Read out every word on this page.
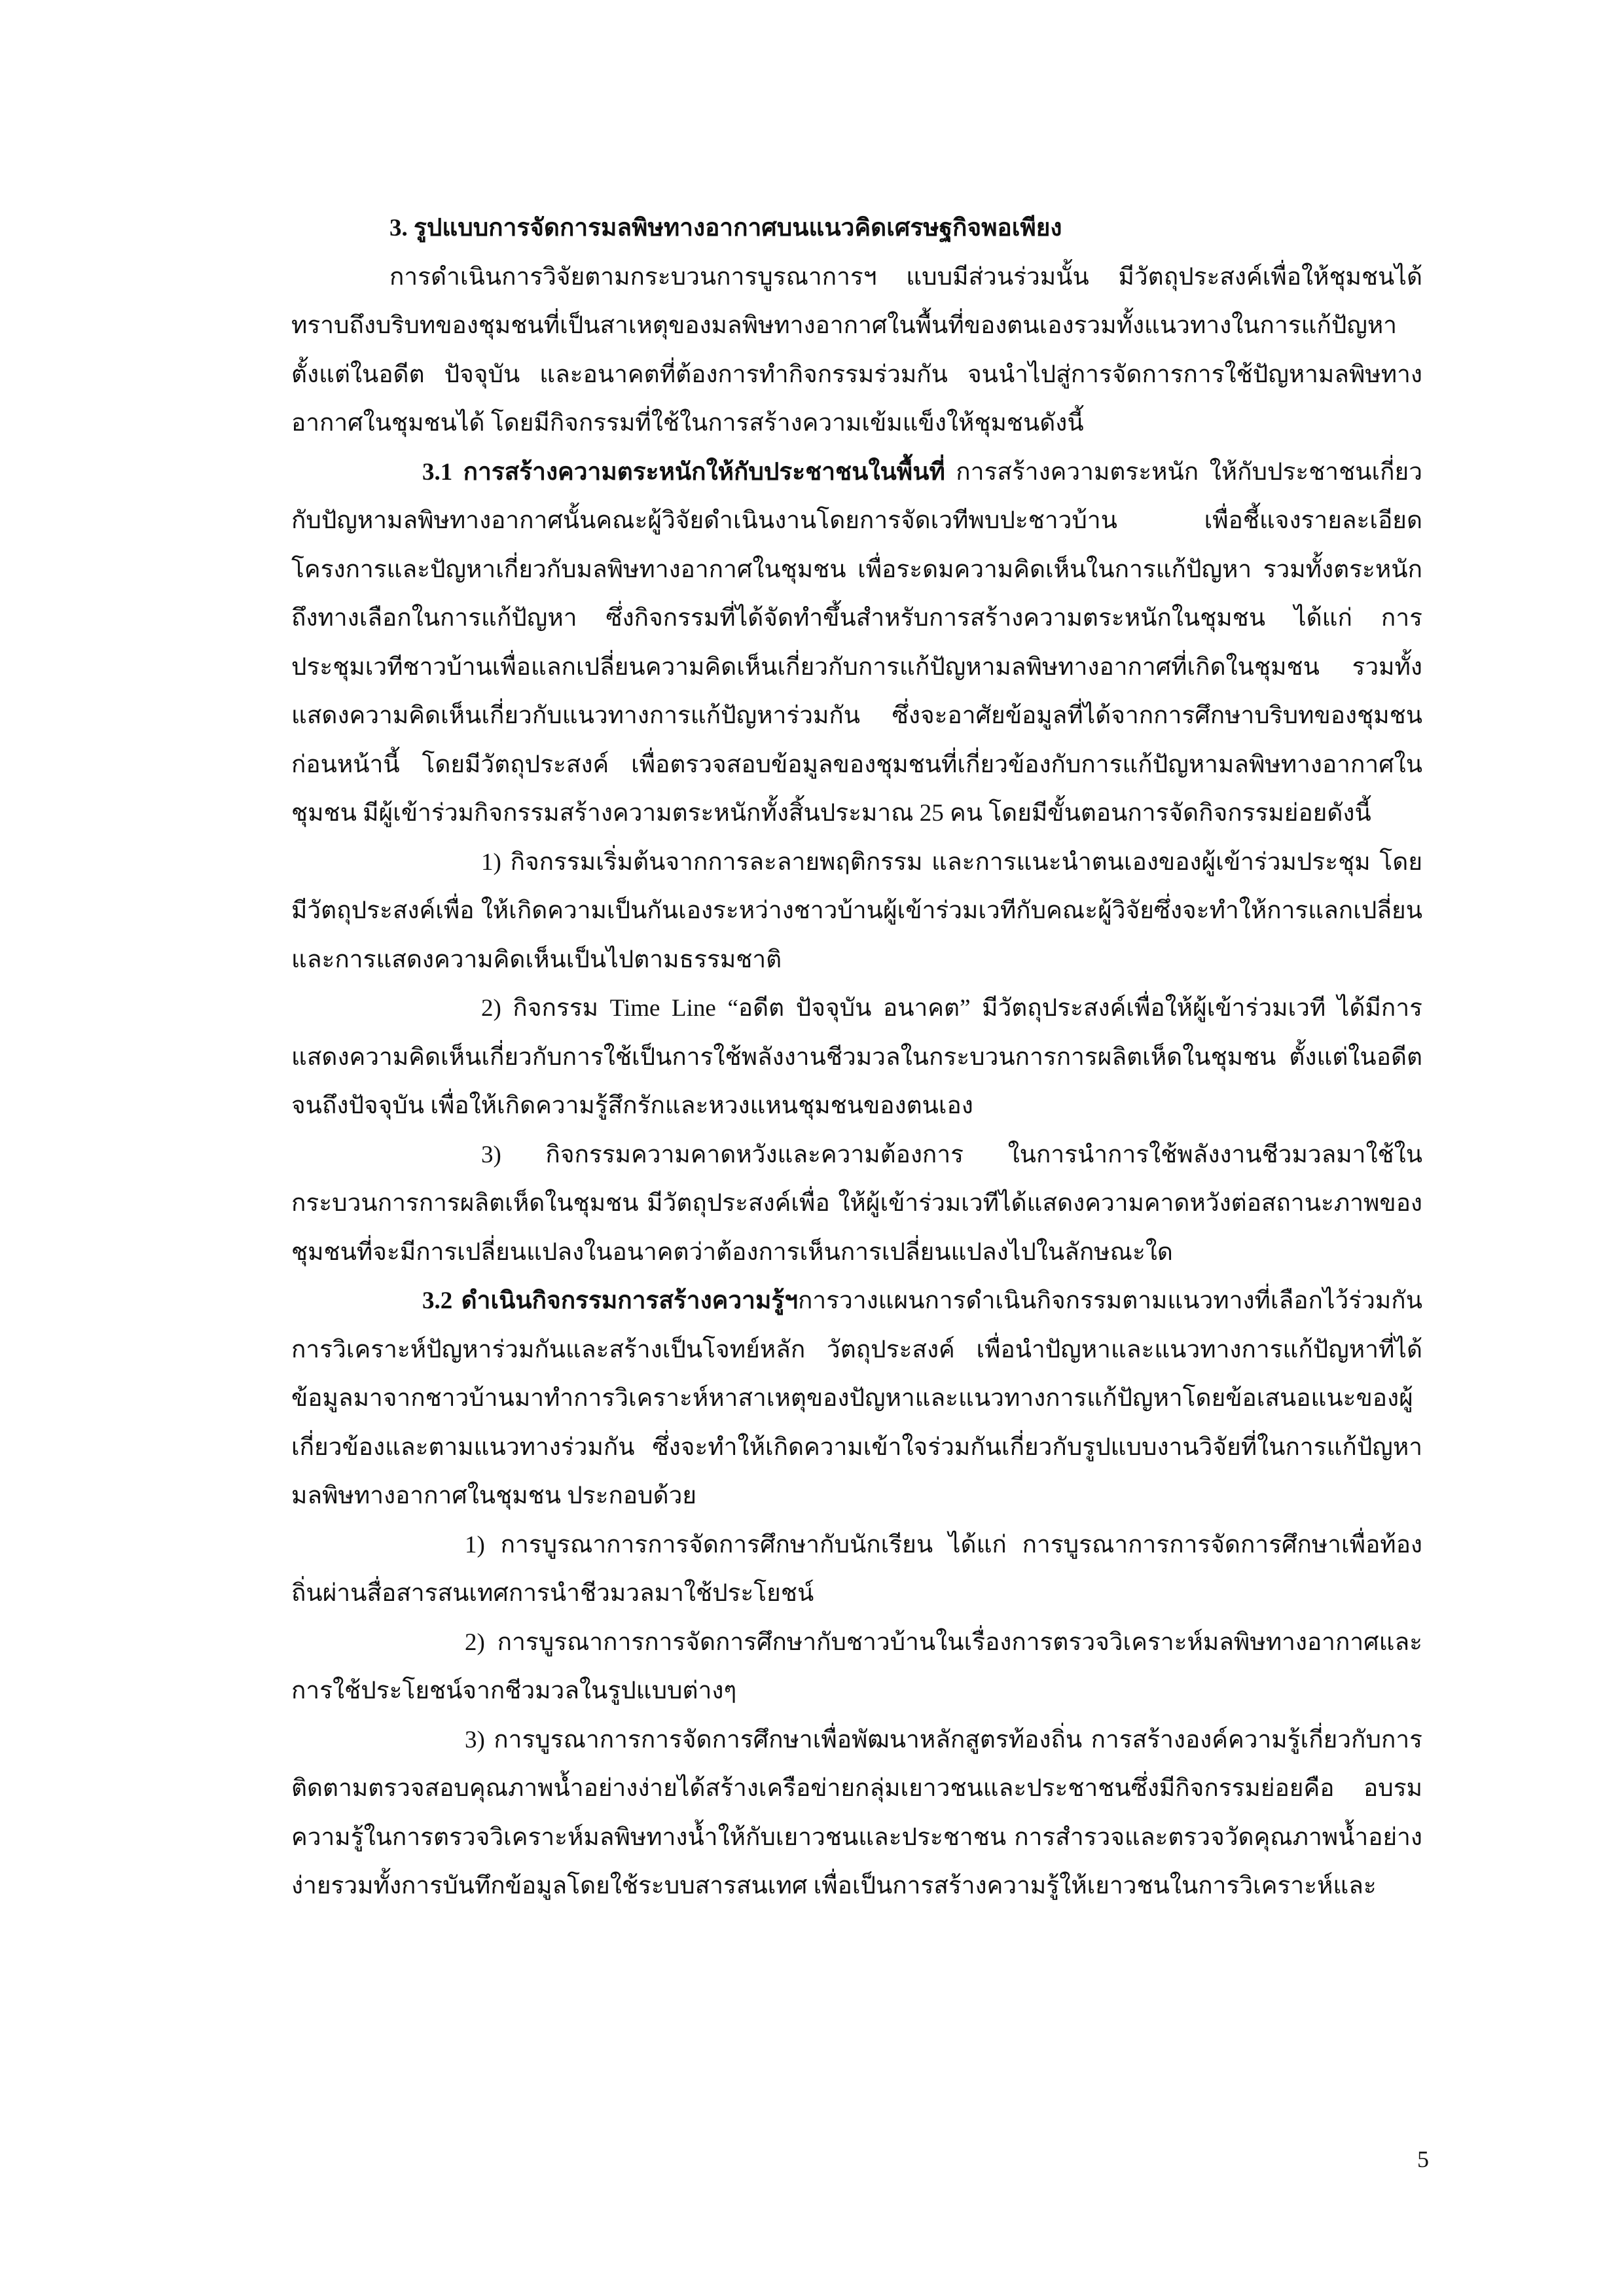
3. รูปแบบการจัดการมลพิษทางอากาศบนแนวคิดเศรษฐกิจพอเพียง

การดำเนินการวิจัยตามกระบวนการบูรณาการฯ แบบมีส่วนร่วมนั้น มีวัตถุประสงค์เพื่อให้ชุมชนได้ทราบถึงบริบทของชุมชนที่เป็นสาเหตุของมลพิษทางอากาศในพื้นที่ของตนเองรวมทั้งแนวทางในการแก้ปัญหาตั้งแต่ในอดีต ปัจจุบัน และอนาคตที่ต้องการทำกิจกรรมร่วมกัน จนนำไปสู่การจัดการการใช้ปัญหามลพิษทางอากาศในชุมชนได้ โดยมีกิจกรรมที่ใช้ในการสร้างความเข้มแข็งให้ชุมชนดังนี้

3.1 การสร้างความตระหนักให้กับประชาชนในพื้นที่ การสร้างความตระหนัก ให้กับประชาชนเกี่ยวกับปัญหามลพิษทางอากาศนั้นคณะผู้วิจัยดำเนินงานโดยการจัดเวทีพบปะชาวบ้าน เพื่อชี้แจงรายละเอียดโครงการและปัญหาเกี่ยวกับมลพิษทางอากาศในชุมชน เพื่อระดมความคิดเห็นในการแก้ปัญหา รวมทั้งตระหนักถึงทางเลือกในการแก้ปัญหา ซึ่งกิจกรรมที่ได้จัดทำขึ้นสำหรับการสร้างความตระหนักในชุมชน ได้แก่ การประชุมเวทีชาวบ้านเพื่อแลกเปลี่ยนความคิดเห็นเกี่ยวกับการแก้ปัญหามลพิษทางอากาศที่เกิดในชุมชน รวมทั้งแสดงความคิดเห็นเกี่ยวกับแนวทางการแก้ปัญหาร่วมกัน ซึ่งจะอาศัยข้อมูลที่ได้จากการศึกษาบริบทของชุมชนก่อนหน้านี้ โดยมีวัตถุประสงค์ เพื่อตรวจสอบข้อมูลของชุมชนที่เกี่ยวข้องกับการแก้ปัญหามลพิษทางอากาศในชุมชน มีผู้เข้าร่วมกิจกรรมสร้างความตระหนักทั้งสิ้นประมาณ 25 คน โดยมีขั้นตอนการจัดกิจกรรมย่อยดังนี้

1) กิจกรรมเริ่มต้นจากการละลายพฤติกรรม และการแนะนำตนเองของผู้เข้าร่วมประชุม โดยมีวัตถุประสงค์เพื่อ ให้เกิดความเป็นกันเองระหว่างชาวบ้านผู้เข้าร่วมเวทีกับคณะผู้วิจัยซึ่งจะทำให้การแลกเปลี่ยนและการแสดงความคิดเห็นเป็นไปตามธรรมชาติ

2) กิจกรรม Time Line “อดีต ปัจจุบัน อนาคต” มีวัตถุประสงค์เพื่อให้ผู้เข้าร่วมเวที ได้มีการแสดงความคิดเห็นเกี่ยวกับการใช้เป็นการใช้พลังงานชีวมวลในกระบวนการการผลิตเห็ดในชุมชน ตั้งแต่ในอดีตจนถึงปัจจุบัน เพื่อให้เกิดความรู้สึกรักและหวงแหนชุมชนของตนเอง

3) กิจกรรมความคาดหวังและความต้องการ ในการนำการใช้พลังงานชีวมวลมาใช้ในกระบวนการการผลิตเห็ดในชุมชน มีวัตถุประสงค์เพื่อ ให้ผู้เข้าร่วมเวทีได้แสดงความคาดหวังต่อสถานะภาพของชุมชนที่จะมีการเปลี่ยนแปลงในอนาคตว่าต้องการเห็นการเปลี่ยนแปลงไปในลักษณะใด

3.2 ดำเนินกิจกรรมการสร้างความรู้ฯการวางแผนการดำเนินกิจกรรมตามแนวทางที่เลือกไว้ร่วมกัน การวิเคราะห์ปัญหาร่วมกันและสร้างเป็นโจทย์หลัก วัตถุประสงค์ เพื่อนำปัญหาและแนวทางการแก้ปัญหาที่ได้ข้อมูลมาจากชาวบ้านมาทำการวิเคราะห์หาสาเหตุของปัญหาและแนวทางการแก้ปัญหาโดยข้อเสนอแนะของผู้เกี่ยวข้องและตามแนวทางร่วมกัน ซึ่งจะทำให้เกิดความเข้าใจร่วมกันเกี่ยวกับรูปแบบงานวิจัยที่ในการแก้ปัญหามลพิษทางอากาศในชุมชน ประกอบด้วย

1) การบูรณาการการจัดการศึกษากับนักเรียน ได้แก่ การบูรณาการการจัดการศึกษาเพื่อท้องถิ่นผ่านสื่อสารสนเทศการนำชีวมวลมาใช้ประโยชน์

2) การบูรณาการการจัดการศึกษากับชาวบ้านในเรื่องการตรวจวิเคราะห์มลพิษทางอากาศและการใช้ประโยชน์จากชีวมวลในรูปแบบต่างๆ

3) การบูรณาการการจัดการศึกษาเพื่อพัฒนาหลักสูตรท้องถิ่น การสร้างองค์ความรู้เกี่ยวกับการติดตามตรวจสอบคุณภาพน้ำอย่างง่ายได้สร้างเครือข่ายกลุ่มเยาวชนและประชาชนซึ่งมีกิจกรรมย่อยคือ อบรมความรู้ในการตรวจวิเคราะห์มลพิษทางน้ำให้กับเยาวชนและประชาชน การสำรวจและตรวจวัดคุณภาพน้ำอย่างง่ายรวมทั้งการบันทึกข้อมูลโดยใช้ระบบสารสนเทศ เพื่อเป็นการสร้างความรู้ให้เยาวชนในการวิเคราะห์และ

5
